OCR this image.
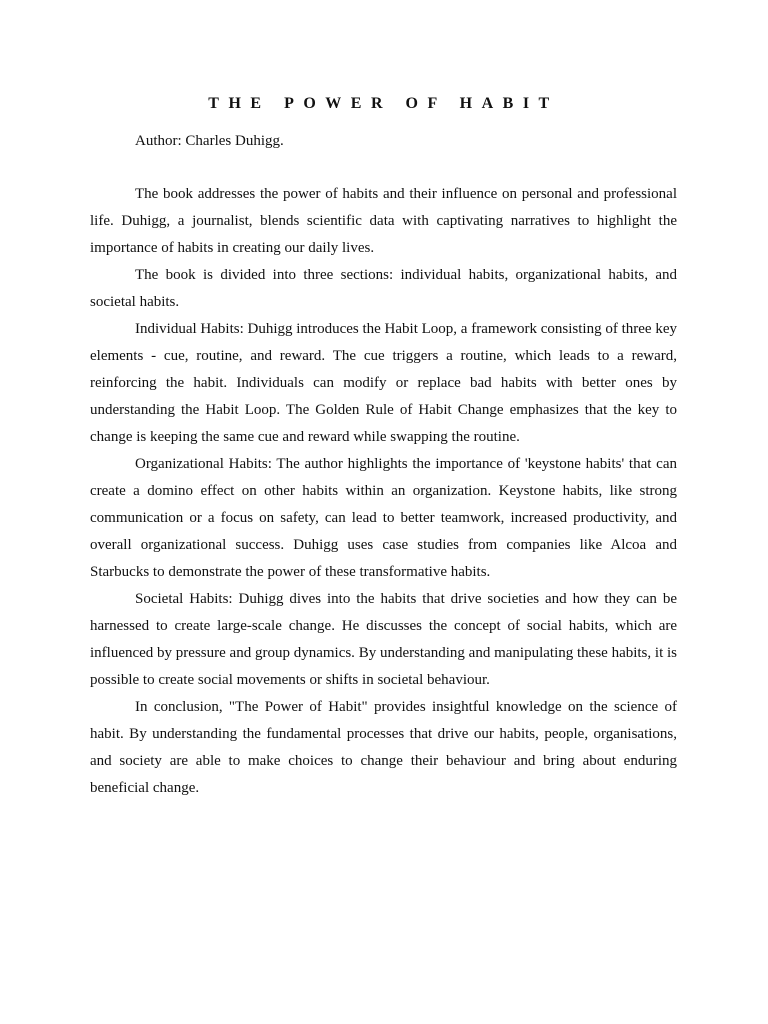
THE POWER OF HABIT
Author: Charles Duhigg.

The book addresses the power of habits and their influence on personal and professional life. Duhigg, a journalist, blends scientific data with captivating narratives to highlight the importance of habits in creating our daily lives.

The book is divided into three sections: individual habits, organizational habits, and societal habits.

Individual Habits: Duhigg introduces the Habit Loop, a framework consisting of three key elements - cue, routine, and reward. The cue triggers a routine, which leads to a reward, reinforcing the habit. Individuals can modify or replace bad habits with better ones by understanding the Habit Loop. The Golden Rule of Habit Change emphasizes that the key to change is keeping the same cue and reward while swapping the routine.

Organizational Habits: The author highlights the importance of 'keystone habits' that can create a domino effect on other habits within an organization. Keystone habits, like strong communication or a focus on safety, can lead to better teamwork, increased productivity, and overall organizational success. Duhigg uses case studies from companies like Alcoa and Starbucks to demonstrate the power of these transformative habits.

Societal Habits: Duhigg dives into the habits that drive societies and how they can be harnessed to create large-scale change. He discusses the concept of social habits, which are influenced by pressure and group dynamics. By understanding and manipulating these habits, it is possible to create social movements or shifts in societal behaviour.

In conclusion, "The Power of Habit" provides insightful knowledge on the science of habit. By understanding the fundamental processes that drive our habits, people, organisations, and society are able to make choices to change their behaviour and bring about enduring beneficial change.
